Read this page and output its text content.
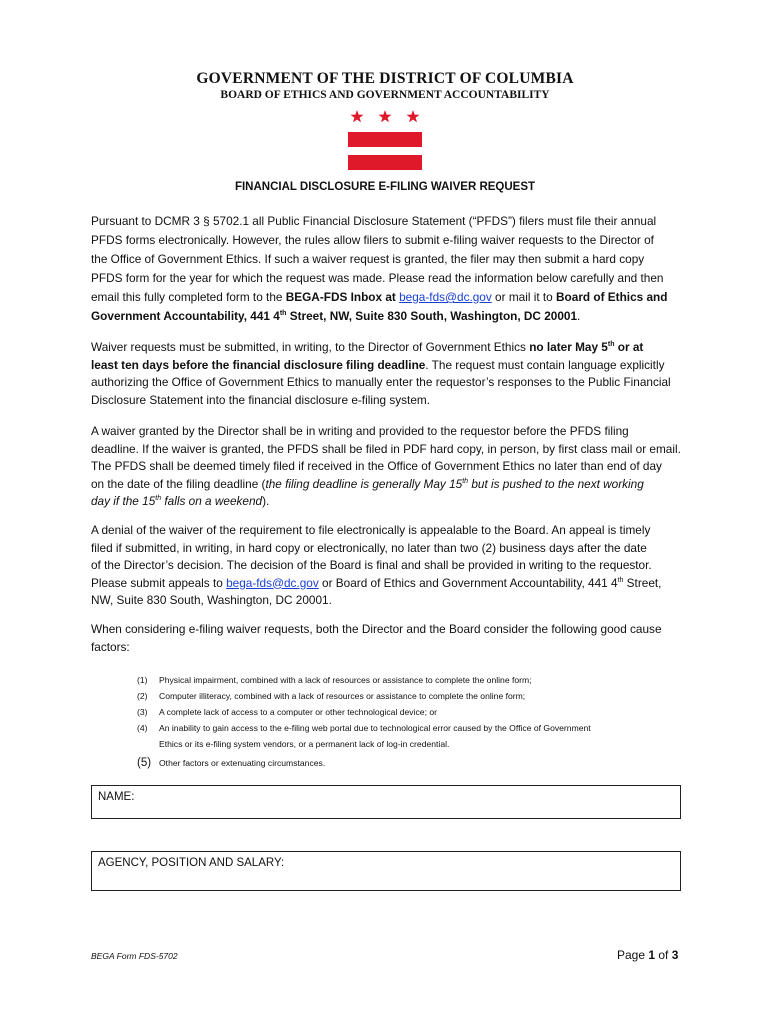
GOVERNMENT OF THE DISTRICT OF COLUMBIA
BOARD OF ETHICS AND GOVERNMENT ACCOUNTABILITY
FINANCIAL DISCLOSURE E-FILING WAIVER REQUEST
Pursuant to DCMR 3 § 5702.1 all Public Financial Disclosure Statement (“PFDS”) filers must file their annual
PFDS forms electronically. However, the rules allow filers to submit e-filing waiver requests to the Director of
the Office of Government Ethics. If such a waiver request is granted, the filer may then submit a hard copy
PFDS form for the year for which the request was made. Please read the information below carefully and then
email this fully completed form to the BEGA-FDS Inbox at bega-fds@dc.gov or mail it to Board of Ethics and
Government Accountability, 441 4th Street, NW, Suite 830 South, Washington, DC 20001.
Waiver requests must be submitted, in writing, to the Director of Government Ethics no later May 5th or at
least ten days before the financial disclosure filing deadline. The request must contain language explicitly
authorizing the Office of Government Ethics to manually enter the requestor’s responses to the Public Financial
Disclosure Statement into the financial disclosure e-filing system.
A waiver granted by the Director shall be in writing and provided to the requestor before the PFDS filing
deadline. If the waiver is granted, the PFDS shall be filed in PDF hard copy, in person, by first class mail or email.
The PFDS shall be deemed timely filed if received in the Office of Government Ethics no later than end of day
on the date of the filing deadline (the filing deadline is generally May 15th but is pushed to the next working
day if the 15th falls on a weekend).
A denial of the waiver of the requirement to file electronically is appealable to the Board. An appeal is timely
filed if submitted, in writing, in hard copy or electronically, no later than two (2) business days after the date
of the Director’s decision. The decision of the Board is final and shall be provided in writing to the requestor.
Please submit appeals to bega-fds@dc.gov or Board of Ethics and Government Accountability, 441 4th Street,
NW, Suite 830 South, Washington, DC 20001.
When considering e-filing waiver requests, both the Director and the Board consider the following good cause
factors:
(1) Physical impairment, combined with a lack of resources or assistance to complete the online form;
(2) Computer illiteracy, combined with a lack of resources or assistance to complete the online form;
(3) A complete lack of access to a computer or other technological device; or
(4) An inability to gain access to the e-filing web portal due to technological error caused by the Office of Government
Ethics or its e-filing system vendors, or a permanent lack of log-in credential.
(5) Other factors or extenuating circumstances.
NAME:
AGENCY, POSITION AND SALARY:
BEGA Form FDS-5702	Page 1 of 3
